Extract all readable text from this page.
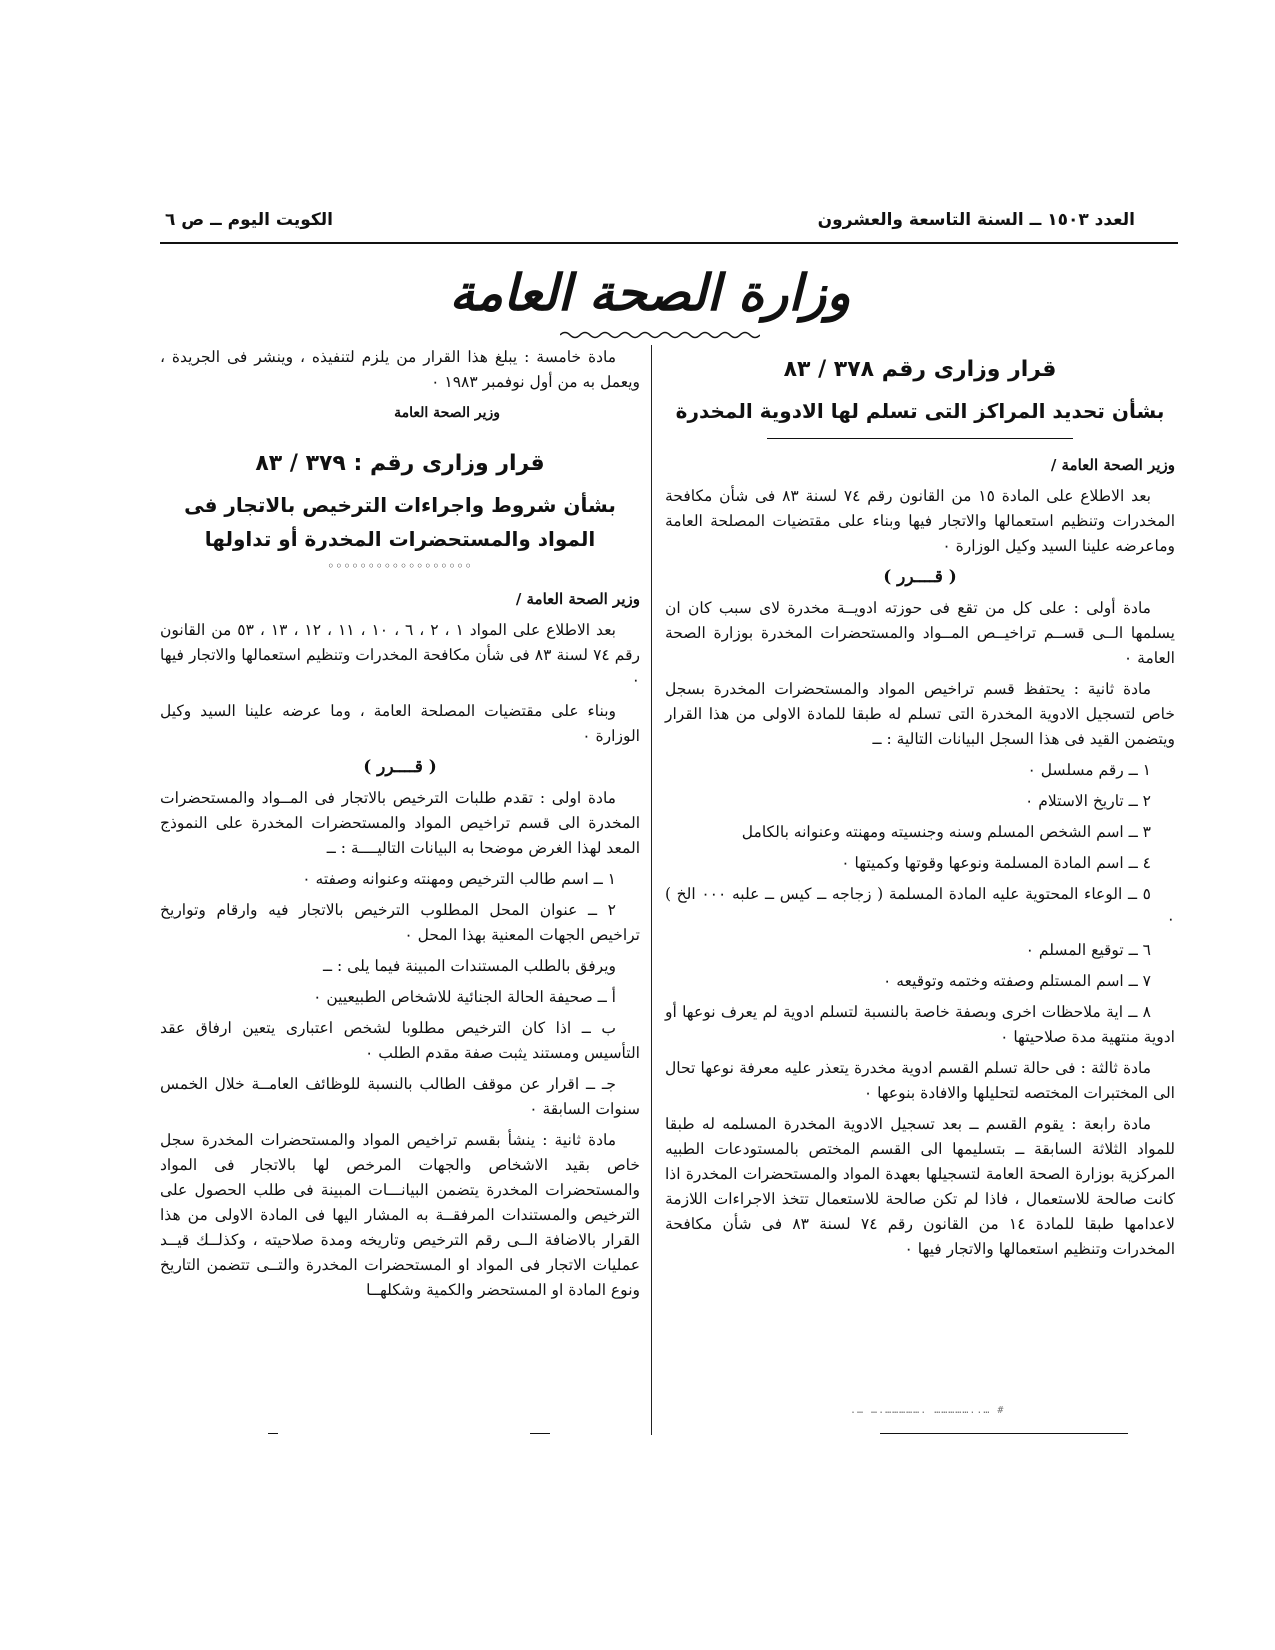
العدد ١٥٠٣ ــ السنة التاسعة والعشرون
الكويت اليوم ــ ص ٦
وزارة الصحة العامة
قرار وزارى رقم ٣٧٨ / ٨٣
بشأن تحديد المراكز التى تسلم لها الادوية المخدرة

وزير الصحة العامة /

بعد الاطلاع على المادة ١٥ من القانون رقم ٧٤ لسنة ٨٣ فى شأن مكافحة المخدرات وتنظيم استعمالها والاتجار فيها وبناء على مقتضيات المصلحة العامة وماعرضه علينا السيد وكيل الوزارة ٠

( قــــرر )

مادة أولى : على كل من تقع فى حوزته ادويــة مخدرة لاى سبب كان ان يسلمها الــى قســم تراخيــص المــواد والمستحضرات المخدرة بوزارة الصحة العامة ٠

مادة ثانية : يحتفظ قسم تراخيص المواد والمستحضرات المخدرة بسجل خاص لتسجيل الادوية المخدرة التى تسلم له طبقا للمادة الاولى من هذا القرار ويتضمن القيد فى هذا السجل البيانات التالية : ــ

١ ــ رقم مسلسل ٠

٢ ــ تاريخ الاستلام ٠

٣ ــ اسم الشخص المسلم وسنه وجنسيته ومهنته وعنوانه بالكامل

٤ ــ اسم المادة المسلمة ونوعها وقوتها وكميتها ٠

٥ ــ الوعاء المحتوية عليه المادة المسلمة ( زجاجه ــ كيس ــ علبه ٠٠٠ الخ ) ٠

٦ ــ توقيع المسلم ٠

٧ ــ اسم المستلم وصفته وختمه وتوقيعه ٠

٨ ــ اية ملاحظات اخرى وبصفة خاصة بالنسبة لتسلم ادوية لم يعرف نوعها أو ادوية منتهية مدة صلاحيتها ٠

مادة ثالثة : فى حالة تسلم القسم ادوية مخدرة يتعذر عليه معرفة نوعها تحال الى المختبرات المختصه لتحليلها والافادة بنوعها ٠

مادة رابعة : يقوم القسم ــ بعد تسجيل الادوية المخدرة المسلمه له طبقا للمواد الثلاثة السابقة ــ بتسليمها الى القسم المختص بالمستودعات الطبيه المركزية بوزارة الصحة العامة لتسجيلها بعهدة المواد والمستحضرات المخدرة اذا كانت صالحة للاستعمال ، فاذا لم تكن صالحة للاستعمال تتخذ الاجراءات اللازمة لاعدامها طبقا للمادة ١٤ من القانون رقم ٧٤ لسنة ٨٣ فى شأن مكافحة المخدرات وتنظيم استعمالها والاتجار فيها ٠

مادة خامسة : يبلغ هذا القرار من يلزم لتنفيذه ، وينشر فى الجريدة ، ويعمل به من أول نوفمبر ١٩٨٣ ٠

وزير الصحة العامة

قرار وزارى رقم : ٣٧٩ / ٨٣
بشأن شروط واجراءات الترخيص بالاتجار فى
المواد والمستحضرات المخدرة أو تداولها
◦◦◦◦◦◦◦◦◦◦◦◦◦◦◦◦◦◦

وزير الصحة العامة /

بعد الاطلاع على المواد ١ ، ٢ ، ٦ ، ١٠ ، ١١ ، ١٢ ، ١٣ ، ٥٣ من القانون رقم ٧٤ لسنة ٨٣ فى شأن مكافحة المخدرات وتنظيم استعمالها والاتجار فيها ٠

وبناء على مقتضيات المصلحة العامة ، وما عرضه علينا السيد وكيل الوزارة ٠

( قــــرر )

مادة اولى : تقدم طلبات الترخيص بالاتجار فى المــواد والمستحضرات المخدرة الى قسم تراخيص المواد والمستحضرات المخدرة على النموذج المعد لهذا الغرض موضحا به البيانات التاليــــة : ــ

١ ــ اسم طالب الترخيص ومهنته وعنوانه وصفته ٠

٢ ــ عنوان المحل المطلوب الترخيص بالاتجار فيه وارقام وتواريخ تراخيص الجهات المعنية بهذا المحل ٠

ويرفق بالطلب المستندات المبينة فيما يلى : ــ

أ ــ صحيفة الحالة الجنائية للاشخاص الطبيعيين ٠

ب ــ اذا كان الترخيص مطلوبا لشخص اعتبارى يتعين ارفاق عقد التأسيس ومستند يثبت صفة مقدم الطلب ٠

جـ ــ اقرار عن موقف الطالب بالنسبة للوظائف العامــة خلال الخمس سنوات السابقة ٠

مادة ثانية : ينشأ بقسم تراخيص المواد والمستحضرات المخدرة سجل خاص بقيد الاشخاص والجهات المرخص لها بالاتجار فى المواد والمستحضرات المخدرة يتضمن البيانـــات المبينة فى طلب الحصول على الترخيص والمستندات المرفقــة به المشار اليها فى المادة الاولى من هذا القرار بالاضافة الــى رقم الترخيص وتاريخه ومدة صلاحيته ، وكذلــك قيــد عمليات الاتجار فى المواد او المستحضرات المخدرة والتــى تتضمن التاريخ ونوع المادة او المستحضر والكمية وشكلهــا

.… ….……………. ……………..… #
